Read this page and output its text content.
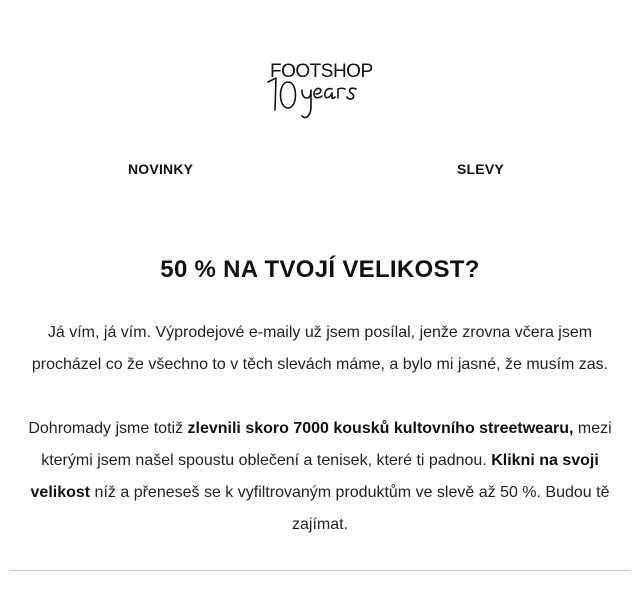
FOOTSHOP
NOVINKY	SLEVY
50 % NA TVOJÍ VELIKOST?

Já vím, já vím. Výprodejové e-maily už jsem posílal, jenže zrovna včera jsem procházel co že všechno to v těch slevách máme, a bylo mi jasné, že musím zas.

Dohromady jsme totiž zlevnili skoro 7000 kousků kultovního streetwearu, mezi kterými jsem našel spoustu oblečení a tenisek, které ti padnou. Klikni na svoji velikost níž a přeneseš se k vyfiltrovaným produktům ve slevě až 50 %. Budou tě zajímat.
